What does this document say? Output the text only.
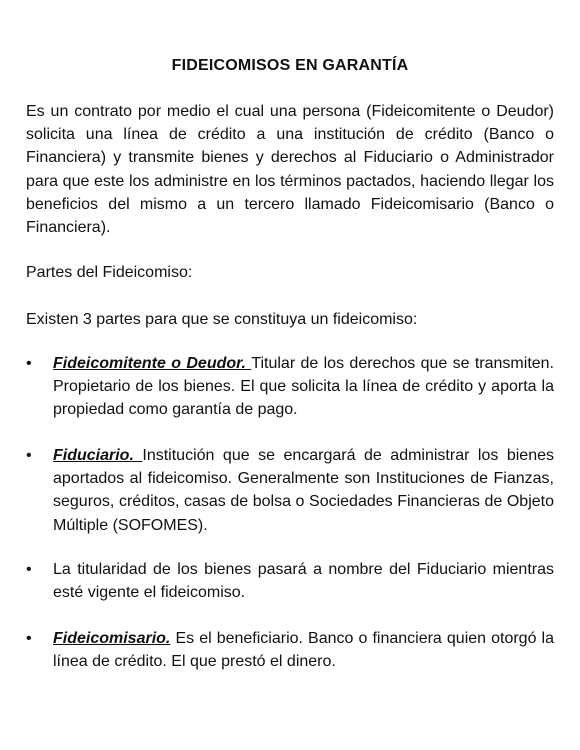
FIDEICOMISOS EN GARANTÍA
Es un contrato por medio el cual una persona (Fideicomitente o Deudor) solicita una línea de crédito a una institución de crédito (Banco o Financiera) y transmite bienes y derechos al Fiduciario o Administrador para que este los administre en los términos pactados, haciendo llegar los beneficios del mismo a un tercero llamado Fideicomisario (Banco o Financiera).
Partes del Fideicomiso:
Existen 3 partes para que se constituya un fideicomiso:
•	Fideicomitente o Deudor. Titular de los derechos que se transmiten. Propietario de los bienes. El que solicita la línea de crédito y aporta la propiedad como garantía de pago.
•	Fiduciario. Institución que se encargará de administrar los bienes aportados al fideicomiso. Generalmente son Instituciones de Fianzas, seguros, créditos, casas de bolsa o Sociedades Financieras de Objeto Múltiple (SOFOMES).
•	La titularidad de los bienes pasará a nombre del Fiduciario mientras esté vigente el fideicomiso.
•	Fideicomisario. Es el beneficiario. Banco o financiera quien otorgó la línea de crédito. El que prestó el dinero.
